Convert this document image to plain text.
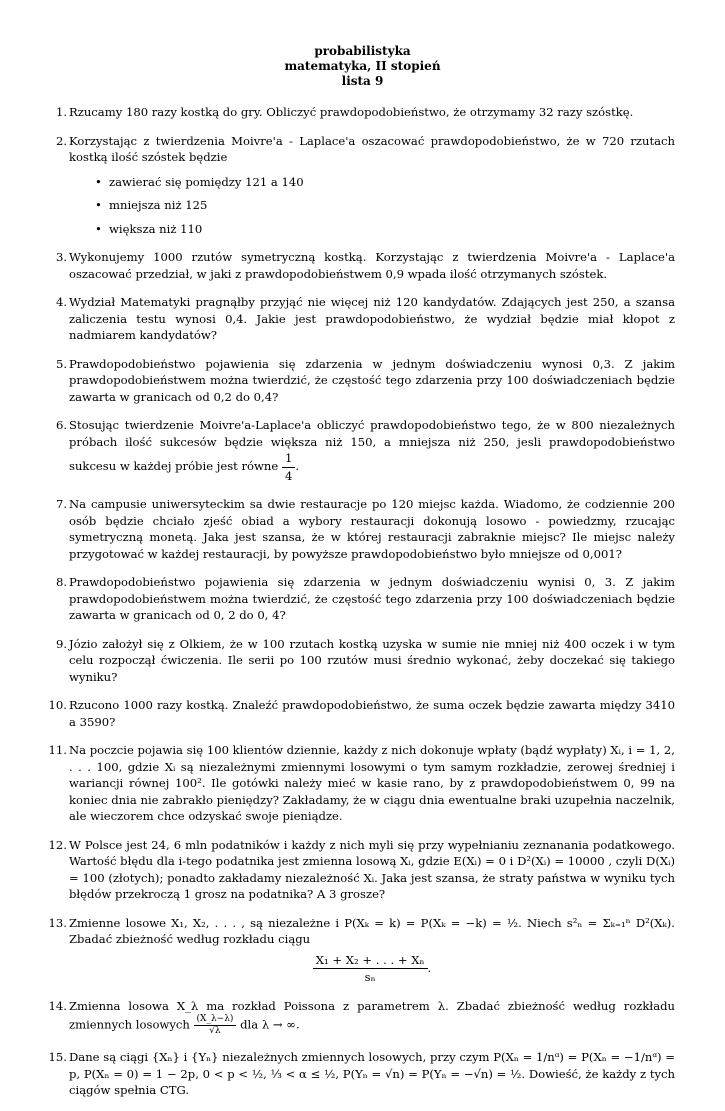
probabilistyka
matematyka, II stopień
lista 9
1. Rzucamy 180 razy kostką do gry. Obliczyć prawdopodobieństwo, że otrzymamy 32 razy szóstkę.
2. Korzystając z twierdzenia Moivre'a - Laplace'a oszacować prawdopodobieństwo, że w 720 rzutach kostką ilość szóstek będzie
• zawierać się pomiędzy 121 a 140
• mniejsza niż 125
• większa niż 110
3. Wykonujemy 1000 rzutów symetryczną kostką. Korzystając z twierdzenia Moivre'a - Laplace'a oszacować przedział, w jaki z prawdopodobieństwem 0,9 wpada ilość otrzymanych szóstek.
4. Wydział Matematyki pragnąłby przyjąć nie więcej niż 120 kandydatów. Zdających jest 250, a szansa zaliczenia testu wynosi 0,4. Jakie jest prawdopodobieństwo, że wydział będzie miał kłopot z nadmiarem kandydatów?
5. Prawdopodobieństwo pojawienia się zdarzenia w jednym doświadczeniu wynosi 0,3. Z jakim prawdopodobieństwem można twierdzić, że częstość tego zdarzenia przy 100 doświadczeniach będzie zawarta w granicach od 0,2 do 0,4?
6. Stosując twierdzenie Moivre'a-Laplace'a obliczyć prawdopodobieństwo tego, że w 800 niezależnych próbach ilość sukcesów będzie większa niż 150, a mniejsza niż 250, jesli prawdopodobieństwo sukcesu w każdej próbie jest równe $\frac{1}{4}$ .
7. Na campusie uniwersyteckim sa dwie restauracje po 120 miejsc każda. Wiadomo, że codziennie 200 osób będzie chciało zjeść obiad a wybory restauracji dokonują losowo - powiedzmy, rzucając symetryczną monetą. Jaka jest szansa, że w której restauracji zabraknie miejsc? Ile miejsc należy przygotować w każdej restauracji, by powyższe prawdopodobieństwo było mniejsze od 0,001?
8. Prawdopodobieństwo pojawienia się zdarzenia w jednym doświadczeniu wynisi 0, 3. Z jakim prawdopodobieństwem można twierdzić, że częstość tego zdarzenia przy 100 doświadczeniach będzie zawarta w granicach od 0, 2 do 0, 4?
9. Józio założył się z Olkiem, że w 100 rzutach kostką uzyska w sumie nie mniej niż 400 oczek i w tym celu rozpoczął ćwiczenia. Ile serii po 100 rzutów musi średnio wykonać, żeby doczekać się takiego wyniku?
10. Rzucono 1000 razy kostką. Znaleźć prawdopodobieństwo, że suma oczek będzie zawarta między 3410 a 3590?
11. Na poczcie pojawia się 100 klientów dziennie, każdy z nich dokonuje wpłaty (bądź wypłaty) Xᵢ, i = 1, 2, . . . 100, gdzie Xᵢ są niezależnymi zmiennymi losowymi o tym samym rozkładzie, zerowej średniej i wariancji równej 100². Ile gotówki należy mieć w kasie rano, by z prawdopodobieństwem 0, 99 na koniec dnia nie zabrakło pieniędzy? Zakładamy, że w ciągu dnia ewentualne braki uzupełnia naczelnik, ale wieczorem chce odzyskać swoje pieniądze.
12. W Polsce jest 24, 6 mln podatników i każdy z nich myli się przy wypełnianiu zeznanania podatkowego. Wartość błędu dla i-tego podatnika jest zmienna losową Xᵢ, gdzie E(Xᵢ) = 0 i D²(Xᵢ) = 10000 , czyli D(Xᵢ) = 100 (złotych); ponadto zakładamy niezależność Xᵢ. Jaka jest szansa, że straty państwa w wyniku tych błędów przekroczą 1 grosz na podatnika? A 3 grosze?
13. Zmienne losowe X₁, X₂, . . . , są niezależne i P(Xₖ = k) = P(Xₖ = −k) = ½. Niech s²ₙ = Σₖ₌₁ⁿ D²(Xₖ). Zbadać zbieżność według rozkładu ciągu
$\frac{\text{X₁ + X₂ + . . . + Xₙ}}{\text{sₙ}}$ .
14. Zmienna losowa X_λ ma rozkład Poissona z parametrem λ. Zbadać zbieżność według rozkładu zmiennych losowych $\frac{(X\_\lambda-\lambda)}{√\lambda}$ dla λ → ∞.
15. Dane są ciągi {Xₙ} i {Yₙ} niezależnych zmiennych losowych, przy czym P(Xₙ = 1/nᵅ) = P(Xₙ = −1/nᵅ) = p, P(Xₙ = 0) = 1 − 2p, 0 < p < ½, ⅓ < α ≤ ½, P(Yₙ = √n) = P(Yₙ = −√n) = ½. Dowieść, że każdy z tych ciągów spełnia CTG.
